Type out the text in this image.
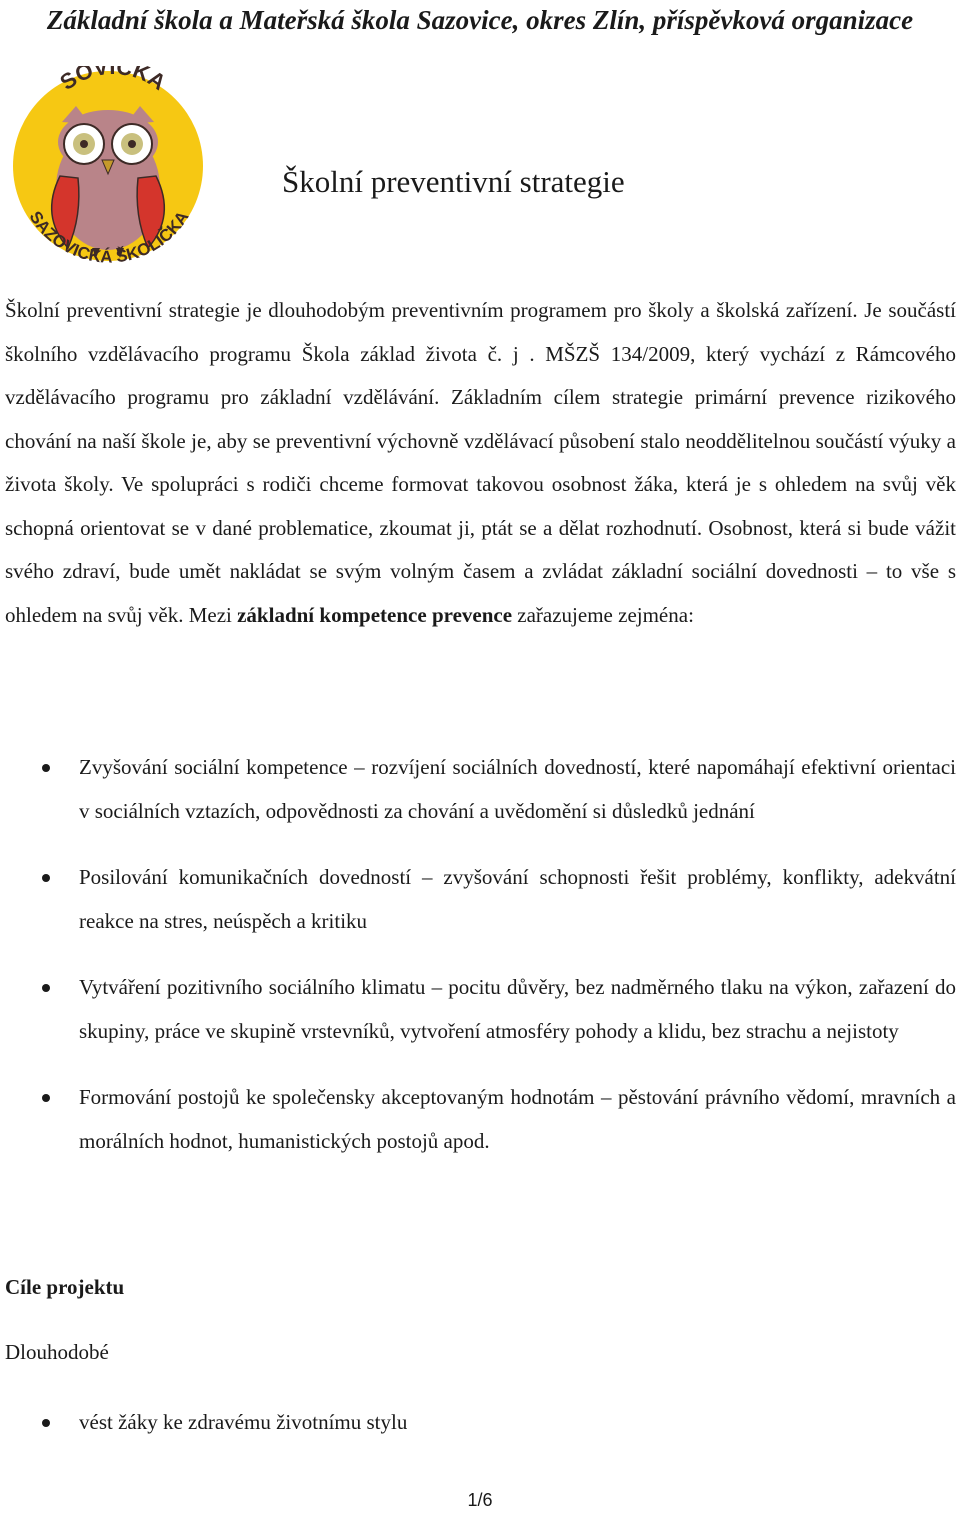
Základní škola a Mateřská škola Sazovice, okres Zlín, příspěvková organizace
SOVIČKA
SAZOVICKÁ ŠKOLIČKA
Školní preventivní strategie

Školní preventivní strategie je dlouhodobým preventivním programem pro školy a školská zařízení. Je součástí školního vzdělávacího programu Škola základ života č. j . MŠZŠ 134/2009, který vychází z Rámcového vzdělávacího programu pro základní vzdělávání. Základním cílem strategie primární prevence rizikového chování na naší škole je, aby se preventivní výchovně vzdělávací působení stalo neoddělitelnou součástí výuky a života školy. Ve spolupráci s rodiči chceme formovat takovou osobnost žáka, která je s ohledem na svůj věk schopná orientovat se v dané problematice, zkoumat ji, ptát se a dělat rozhodnutí. Osobnost, která si bude vážit svého zdraví, bude umět nakládat se svým volným časem a zvládat základní sociální dovednosti – to vše s ohledem na svůj věk. Mezi základní kompetence prevence zařazujeme zejména:

Zvyšování sociální kompetence – rozvíjení sociálních dovedností, které napomáhají efektivní orientaci v sociálních vztazích, odpovědnosti za chování a uvědomění si důsledků jednání
Posilování komunikačních dovedností – zvyšování schopnosti řešit problémy, konflikty, adekvátní reakce na stres, neúspěch a kritiku
Vytváření pozitivního sociálního klimatu – pocitu důvěry, bez nadměrného tlaku na výkon, zařazení do skupiny, práce ve skupině vrstevníků, vytvoření atmosféry pohody a klidu, bez strachu a nejistoty
Formování postojů ke společensky akceptovaným hodnotám – pěstování právního vědomí, mravních a morálních hodnot, humanistických postojů apod.
Cíle projektu

Dlouhodobé

vést žáky ke zdravému životnímu stylu
1/6
